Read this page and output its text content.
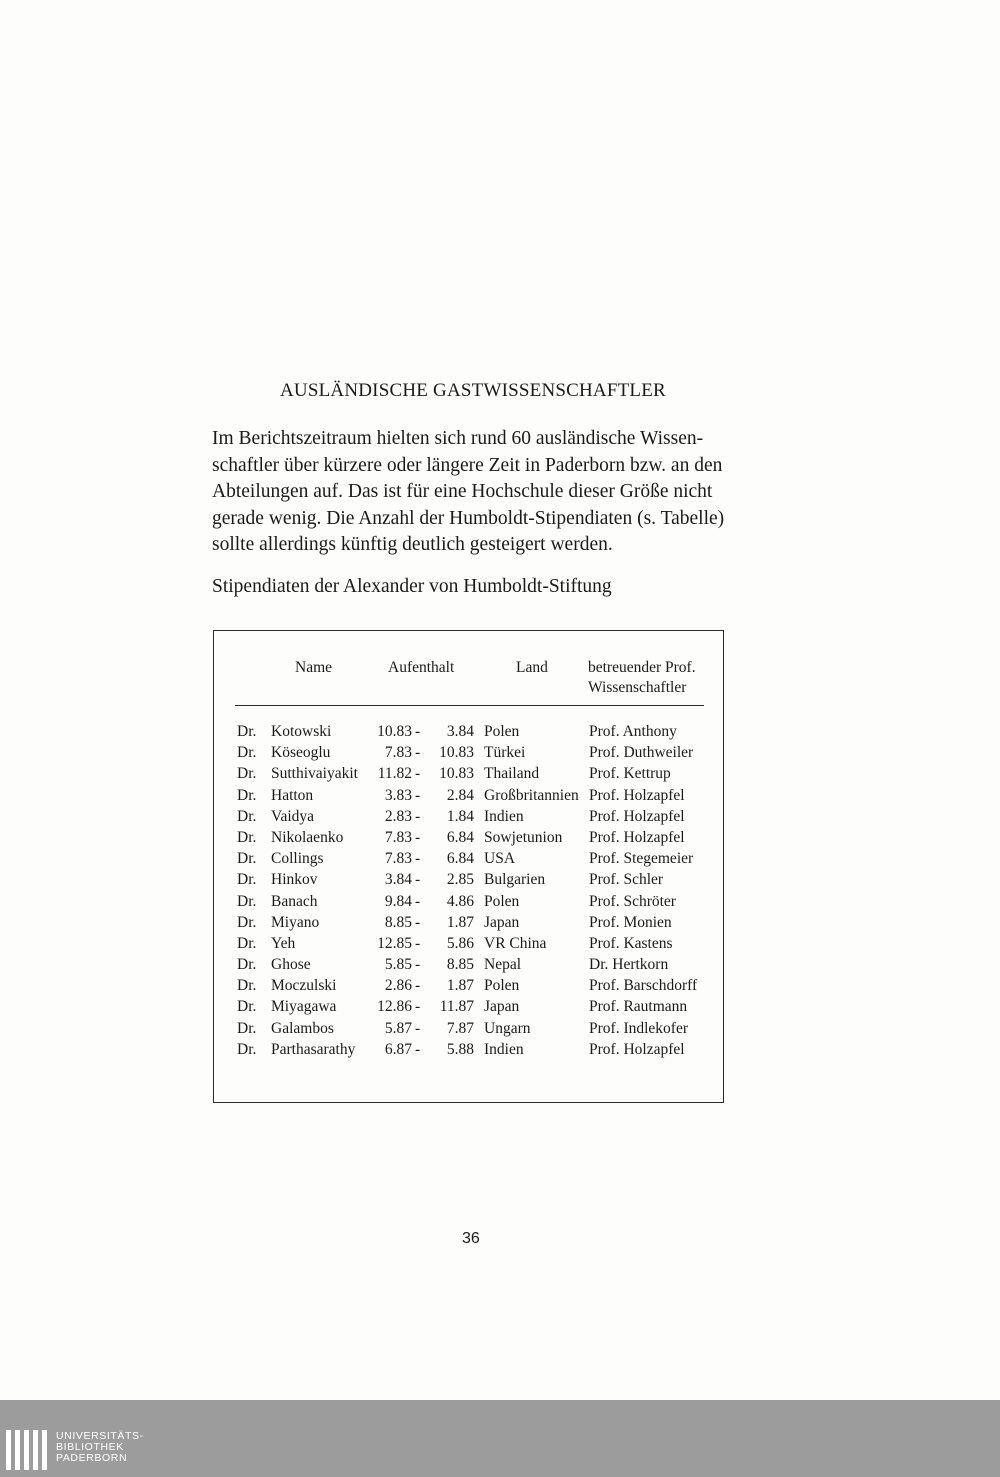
AUSLÄNDISCHE GASTWISSENSCHAFTLER
Im Berichtszeitraum hielten sich rund 60 ausländische Wissen-
schaftler über kürzere oder längere Zeit in Paderborn bzw. an den
Abteilungen auf. Das ist für eine Hochschule dieser Größe nicht
gerade wenig. Die Anzahl der Humboldt-Stipendiaten (s. Tabelle)
sollte allerdings künftig deutlich gesteigert werden.
Stipendiaten der Alexander von Humboldt-Stiftung
Name	Aufenthalt	Land	betreuender Prof.
Wissenschaftler
Dr. Kotowski	10.83 -	3.84 Polen	Prof. Anthony
Dr. Köseoglu	7.83 -	10.83 Türkei	Prof. Duthweiler
Dr. Sutthivaiyakit	11.82 -	10.83 Thailand	Prof. Kettrup
Dr. Hatton	3.83 -	2.84 Großbritannien Prof. Holzapfel
Dr. Vaidya	2.83 -	1.84 Indien	Prof. Holzapfel
Dr. Nikolaenko	7.83 -	6.84 Sowjetunion Prof. Holzapfel
Dr. Collings	7.83 -	6.84 USA	Prof. Stegemeier
Dr. Hinkov	3.84 -	2.85 Bulgarien	Prof. Schler
Dr. Banach	9.84 -	4.86 Polen	Prof. Schröter
Dr. Miyano	8.85 -	1.87 Japan	Prof. Monien
Dr. Yeh	12.85 -	5.86 VR China	Prof. Kastens
Dr. Ghose	5.85 -	8.85 Nepal	Dr. Hertkorn
Dr. Moczulski	2.86 -	1.87 Polen	Prof. Barschdorff
Dr. Miyagawa	12.86 -	11.87 Japan	Prof. Rautmann
Dr. Galambos	5.87 -	7.87 Ungarn	Prof. Indlekofer
Dr. Parthasarathy	6.87 -	5.88 Indien	Prof. Holzapfel
36
UNIVERSITÄTS-
BIBLIOTHEK
PADERBORN
